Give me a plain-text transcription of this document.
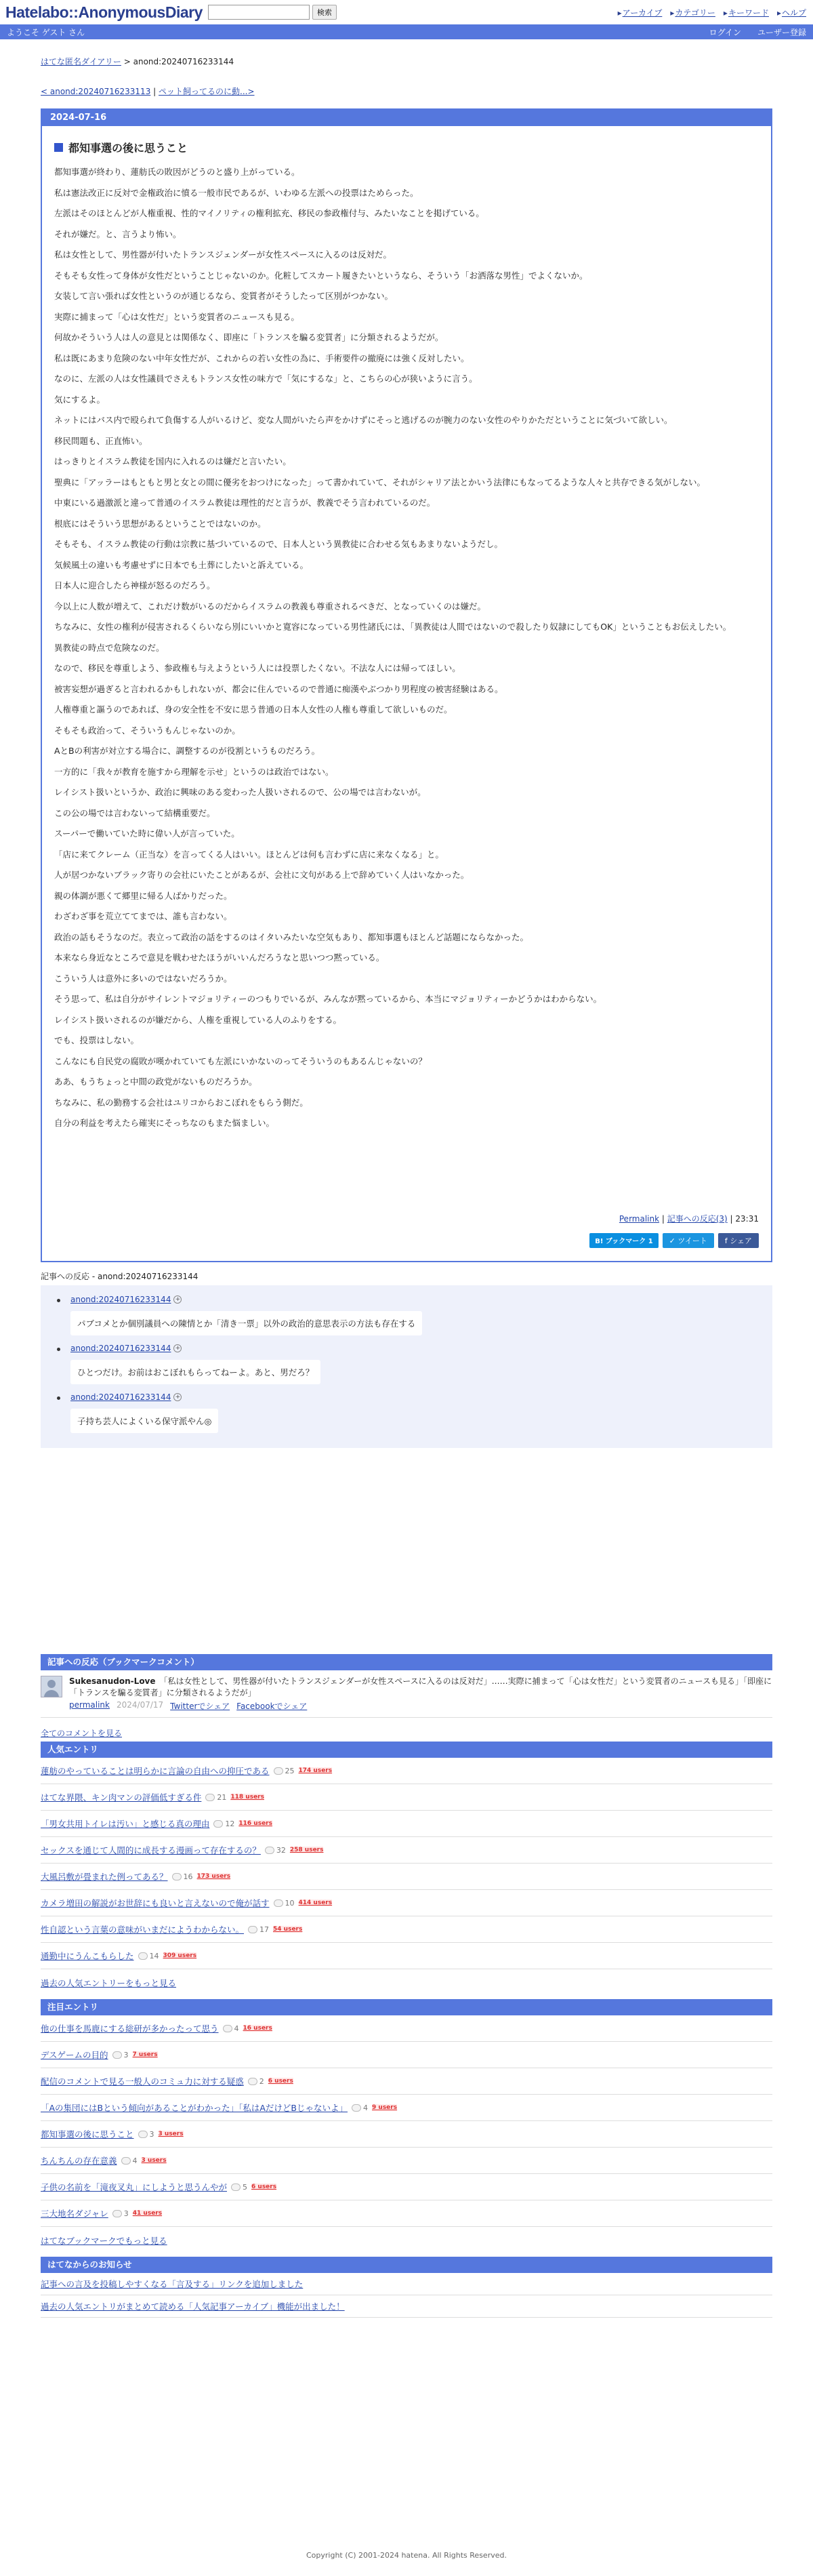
Hatelabo::AnonymousDiary	検索	▸ アーカイブ	▸ カテゴリー	▸ キーワード	▸ ヘルプ
ようこそ ゲスト さん	ログイン ユーザー登録
はてな匿名ダイアリー > anond:20240716233144
< anond:20240716233113 | ペット飼ってるのに動...>
2024-07-16
都知事選の後に思うこと

都知事選が終わり、蓮舫氏の敗因がどうのと盛り上がっている。

私は憲法改正に反対で金権政治に憤る一般市民であるが、いわゆる左派への投票はためらった。

左派はそのほとんどが人権重視、性的マイノリティの権利拡充、移民の参政権付与、みたいなことを掲げている。

それが嫌だ。と、言うより怖い。

私は女性として、男性器が付いたトランスジェンダーが女性スペースに入るのは反対だ。

そもそも女性って身体が女性だということじゃないのか。化粧してスカート履きたいというなら、そういう「お洒落な男性」でよくないか。

女装して言い張れば女性というのが通じるなら、変質者がそうしたって区別がつかない。

実際に捕まって「心は女性だ」という変質者のニュースも見る。

何故かそういう人は人の意見とは関係なく、即座に「トランスを騙る変質者」に分類されるようだが。

私は既にあまり危険のない中年女性だが、これからの若い女性の為に、手術要件の撤廃には強く反対したい。

なのに、左派の人は女性議員でさえもトランス女性の味方で「気にするな」と、こちらの心が狭いように言う。

気にするよ。

ネットにはバス内で殴られて負傷する人がいるけど、変な人間がいたら声をかけずにそっと逃げるのが腕力のない女性のやりかただということに気づいて欲しい。

移民問題も、正直怖い。

はっきりとイスラム教徒を国内に入れるのは嫌だと言いたい。

聖典に「アッラーはもともと男と女との間に優劣をおつけになった」って書かれていて、それがシャリア法とかいう法律にもなってるような人々と共存できる気がしない。

中東にいる過激派と違って普通のイスラム教徒は理性的だと言うが、教義でそう言われているのだ。

根底にはそういう思想があるということではないのか。

そもそも、イスラム教徒の行動は宗教に基づいているので、日本人という異教徒に合わせる気もあまりないようだし。

気候風土の違いも考慮せずに日本でも土葬にしたいと訴えている。

日本人に迎合したら神様が怒るのだろう。

今以上に人数が増えて、これだけ数がいるのだからイスラムの教義も尊重されるべきだ、となっていくのは嫌だ。

ちなみに、女性の権利が侵害されるくらいなら別にいいかと寛容になっている男性諸氏には、「異教徒は人間ではないので殺したり奴隷にしてもOK」ということもお伝えしたい。

異教徒の時点で危険なのだ。

なので、移民を尊重しよう、参政権も与えようという人には投票したくない。不法な人には帰ってほしい。

被害妄想が過ぎると言われるかもしれないが、都会に住んでいるので普通に痴漢やぶつかり男程度の被害経験はある。

人権尊重と謳うのであれば、身の安全性を不安に思う普通の日本人女性の人権も尊重して欲しいものだ。

そもそも政治って、そういうもんじゃないのか。

AとBの利害が対立する場合に、調整するのが役割というものだろう。

一方的に「我々が教育を施すから理解を示せ」というのは政治ではない。

レイシスト扱いというか、政治に興味のある変わった人扱いされるので、公の場では言わないが。

この公の場では言わないって結構重要だ。

スーパーで働いていた時に偉い人が言っていた。

「店に来てクレーム（正当な）を言ってくる人はいい。ほとんどは何も言わずに店に来なくなる」と。

人が居つかないブラック寄りの会社にいたことがあるが、会社に文句がある上で辞めていく人はいなかった。

親の体調が悪くて郷里に帰る人ばかりだった。

わざわざ事を荒立ててまでは、誰も言わない。

政治の話もそうなのだ。表立って政治の話をするのはイタいみたいな空気もあり、都知事選もほとんど話題にならなかった。

本来なら身近なところで意見を戦わせたほうがいいんだろうなと思いつつ黙っている。

こういう人は意外に多いのではないだろうか。

そう思って、私は自分がサイレントマジョリティーのつもりでいるが、みんなが黙っているから、本当にマジョリティーかどうかはわからない。

レイシスト扱いされるのが嫌だから、人権を重視している人のふりをする。

でも、投票はしない。

こんなにも自民党の腐敗が嘆かれていても左派にいかないのってそういうのもあるんじゃないの？

ああ、もうちょっと中間の政党がないものだろうか。

ちなみに、私の勤務する会社はユリコからおこぼれをもらう側だ。

自分の利益を考えたら確実にそっちなのもまた悩ましい。

Permalink | 記事への反応(3) | 23:31
B! ブックマーク 1	✓ ツイート	f シェア
記事への反応 - anond:20240716233144
anond:20240716233144 +
パブコメとか個別議員への陳情とか「清き一票」以外の政治的意思表示の方法も存在する
anond:20240716233144 +
ひとつだけ。お前はおこぼれもらってねーよ。あと、男だろ？
anond:20240716233144 +
子持ち芸人によくいる保守派やん◎
記事への反応（ブックマークコメント）
Sukesanudon-Love 「私は女性として、男性器が付いたトランスジェンダーが女性スペースに入るのは反対だ」……実際に捕まって「心は女性だ」という変質者のニュースも見る」「即座に「トランスを騙る変質者」に分類されるようだが」
permalink 2024/07/17 Twitterでシェア Facebookでシェア
全てのコメントを見る
人気エントリ
蓮舫のやっていることは明らかに言論の自由への抑圧である 25 174 users
はてな界隈、キン肉マンの評価低すぎる件 21 118 users
「男女共用トイレは汚い」と感じる真の理由 12 116 users
セックスを通じて人間的に成長する漫画って存在するの？ 32 258 users
大風呂敷が畳まれた例ってある？ 16 173 users
カメラ増田の解説がお世辞にも良いと言えないので俺が話す 10 414 users
性自認という言葉の意味がいまだにようわからない。 17 54 users
通勤中にうんこもらした 14 309 users
過去の人気エントリーをもっと見る
注目エントリ
他の仕事を馬鹿にする総研が多かったって思う 4 16 users
デスゲームの目的 3 7 users
配信のコメントで見る一般人のコミュ力に対する疑惑 2 6 users
「Aの集団にはBという傾向があることがわかった」「私はAだけどBじゃないよ」 4 9 users
都知事選の後に思うこと 3 3 users
ちんちんの存在意義 4 3 users
子供の名前を「滝夜叉丸」にしようと思うんやが 5 6 users
三大地名ダジャレ 3 41 users
はてなブックマークでもっと見る
はてなからのお知らせ
記事への言及を投稿しやすくなる「言及する」リンクを追加しました
過去の人気エントリがまとめて読める「人気記事アーカイブ」機能が出ました！
Copyright (C) 2001-2024 hatena. All Rights Reserved.
